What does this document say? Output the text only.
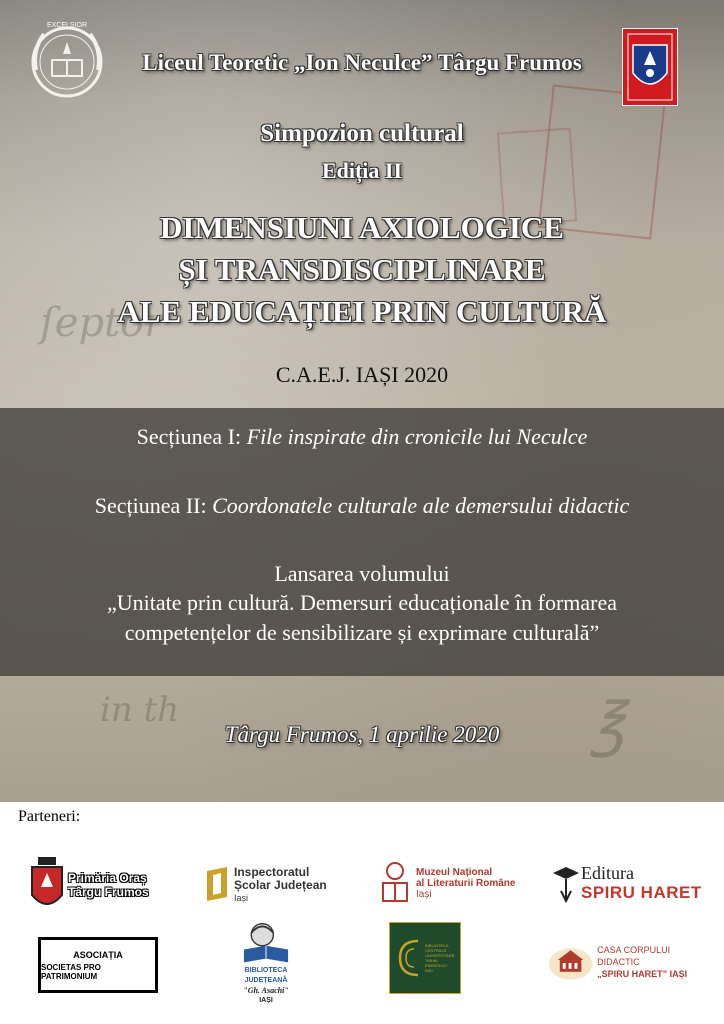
ſeptor
in th	℥
EXCELSIOR
Liceul Teoretic „Ion Neculce” Târgu Frumos
Simpozion cultural
Ediția II
DIMENSIUNI AXIOLOGICE
ȘI TRANSDISCIPLINARE
ALE EDUCAȚIEI PRIN CULTURĂ
C.A.E.J. IAȘI 2020
Secțiunea I: File inspirate din cronicile lui Neculce
Secțiunea II: Coordonatele culturale ale demersului didactic
Lansarea volumului
„Unitate prin cultură. Demersuri educaționale în formarea
competențelor de sensibilizare și exprimare culturală”
Târgu Frumos, 1 aprilie 2020
Parteneri:
Primăria Oraș
Târgu Frumos
Inspectoratul
Școlar Județean
Iași
Muzeul Național
al Literaturii Române
Iași
Editura
SPIRU HARET
ASOCIAȚIA
SOCIETAS PRO PATRIMONIUM
BIBLIOTECA JUDEȚEANĂ
"Gh. Asachi"
IAȘI
BIBLIOTECA CENTRALĂ UNIVERSITARĂ "MIHAI EMINESCU" IAȘI
CASA CORPULUI DIDACTIC
„SPIRU HARET” IAȘI
